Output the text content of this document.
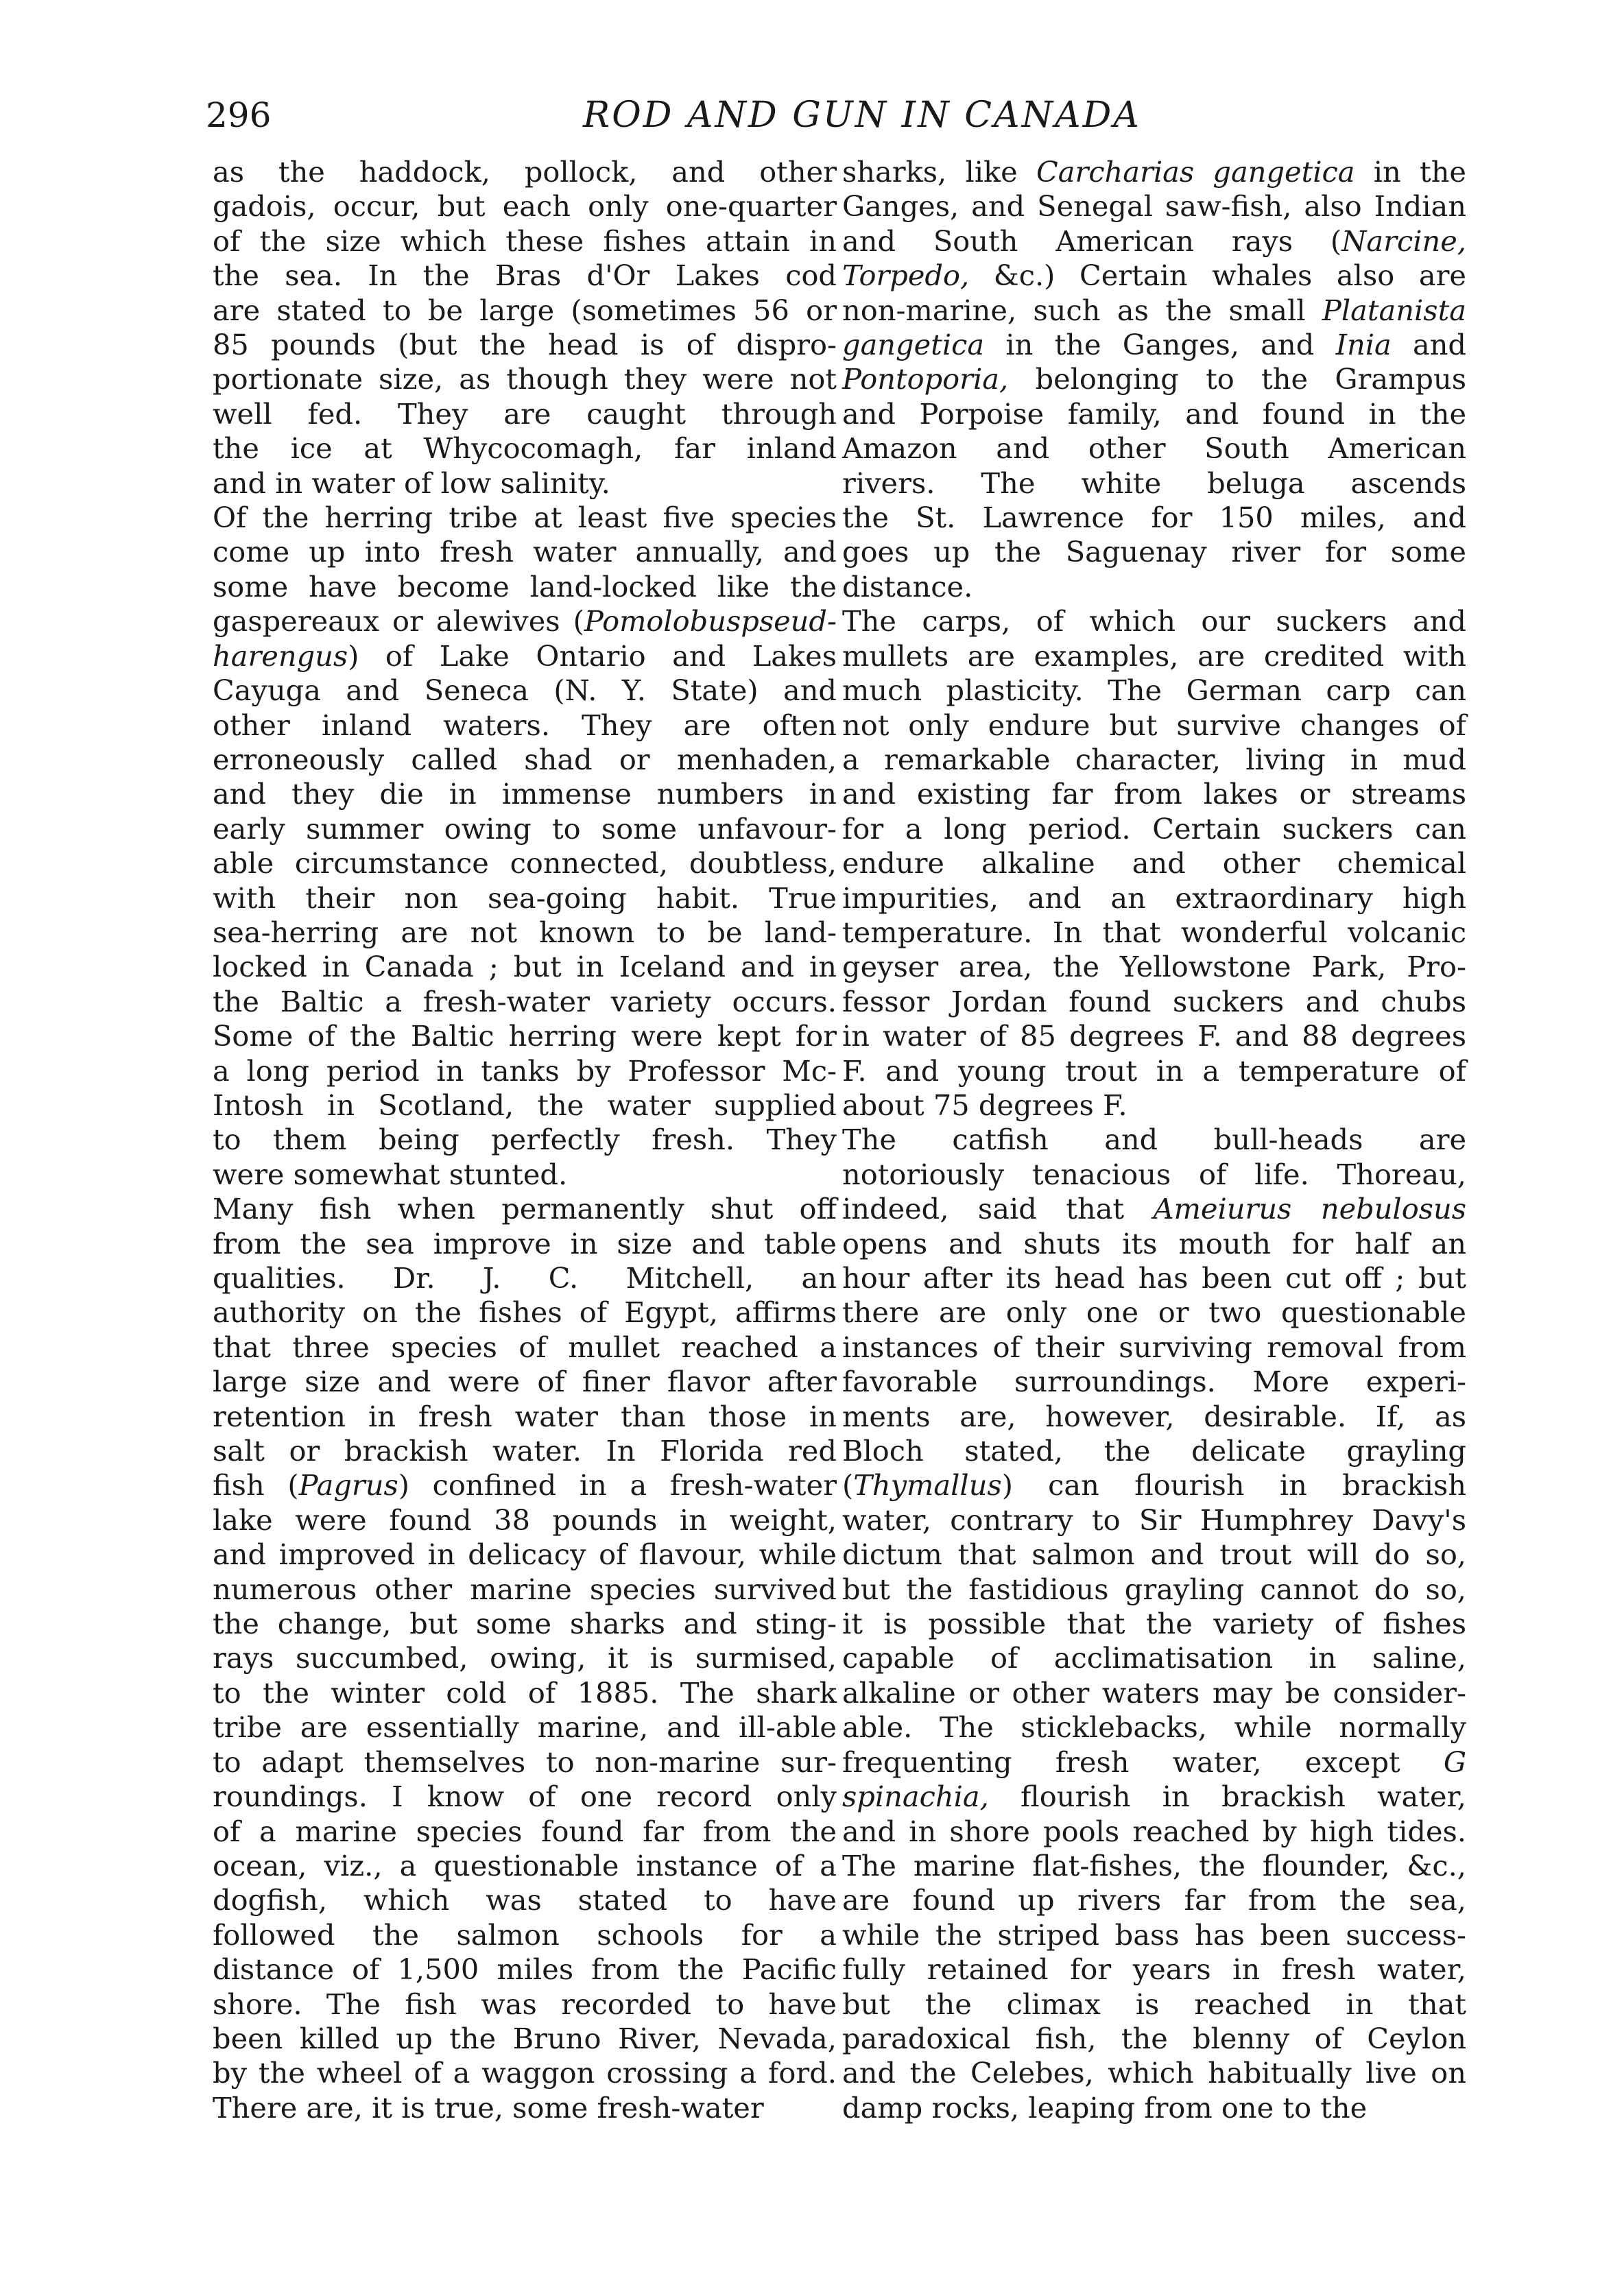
296	ROD AND GUN IN CANADA
as the haddock, pollock, and other
gadois, occur, but each only one-quarter
of the size which these fishes attain in
the sea. In the Bras d'Or Lakes cod
are stated to be large (sometimes 56 or
85 pounds (but the head is of dispro-
portionate size, as though they were not
well fed. They are caught through
the ice at Whycocomagh, far inland
and in water of low salinity.
Of the herring tribe at least five species
come up into fresh water annually, and
some have become land-locked like the
gaspereaux or alewives (Pomolobuspseud-
harengus) of Lake Ontario and Lakes
Cayuga and Seneca (N. Y. State) and
other inland waters. They are often
erroneously called shad or menhaden,
and they die in immense numbers in
early summer owing to some unfavour-
able circumstance connected, doubtless,
with their non sea-going habit. True
sea-herring are not known to be land-
locked in Canada ; but in Iceland and in
the Baltic a fresh-water variety occurs.
Some of the Baltic herring were kept for
a long period in tanks by Professor Mc-
Intosh in Scotland, the water supplied
to them being perfectly fresh. They
were somewhat stunted.
Many fish when permanently shut off
from the sea improve in size and table
qualities. Dr. J. C. Mitchell, an
authority on the fishes of Egypt, affirms
that three species of mullet reached a
large size and were of finer flavor after
retention in fresh water than those in
salt or brackish water. In Florida red
fish (Pagrus) confined in a fresh-water
lake were found 38 pounds in weight,
and improved in delicacy of flavour, while
numerous other marine species survived
the change, but some sharks and sting-
rays succumbed, owing, it is surmised,
to the winter cold of 1885. The shark
tribe are essentially marine, and ill-able
to adapt themselves to non-marine sur-
roundings. I know of one record only
of a marine species found far from the
ocean, viz., a questionable instance of a
dogfish, which was stated to have
followed the salmon schools for a
distance of 1,500 miles from the Pacific
shore. The fish was recorded to have
been killed up the Bruno River, Nevada,
by the wheel of a waggon crossing a ford.
There are, it is true, some fresh-water
sharks, like Carcharias gangetica in the
Ganges, and Senegal saw-fish, also Indian
and South American rays (Narcine,
Torpedo, &c.) Certain whales also are
non-marine, such as the small Platanista
gangetica in the Ganges, and Inia and
Pontoporia, belonging to the Grampus
and Porpoise family, and found in the
Amazon and other South American
rivers. The white beluga ascends
the St. Lawrence for 150 miles, and
goes up the Saguenay river for some
distance.
The carps, of which our suckers and
mullets are examples, are credited with
much plasticity. The German carp can
not only endure but survive changes of
a remarkable character, living in mud
and existing far from lakes or streams
for a long period. Certain suckers can
endure alkaline and other chemical
impurities, and an extraordinary high
temperature. In that wonderful volcanic
geyser area, the Yellowstone Park, Pro-
fessor Jordan found suckers and chubs
in water of 85 degrees F. and 88 degrees
F. and young trout in a temperature of
about 75 degrees F.
The catfish and bull-heads are
notoriously tenacious of life. Thoreau,
indeed, said that Ameiurus nebulosus
opens and shuts its mouth for half an
hour after its head has been cut off ; but
there are only one or two questionable
instances of their surviving removal from
favorable surroundings. More experi-
ments are, however, desirable. If, as
Bloch stated, the delicate grayling
(Thymallus) can flourish in brackish
water, contrary to Sir Humphrey Davy's
dictum that salmon and trout will do so,
but the fastidious grayling cannot do so,
it is possible that the variety of fishes
capable of acclimatisation in saline,
alkaline or other waters may be consider-
able. The sticklebacks, while normally
frequenting fresh water, except G
spinachia, flourish in brackish water,
and in shore pools reached by high tides.
The marine flat-fishes, the flounder, &c.,
are found up rivers far from the sea,
while the striped bass has been success-
fully retained for years in fresh water,
but the climax is reached in that
paradoxical fish, the blenny of Ceylon
and the Celebes, which habitually live on
damp rocks, leaping from one to the
